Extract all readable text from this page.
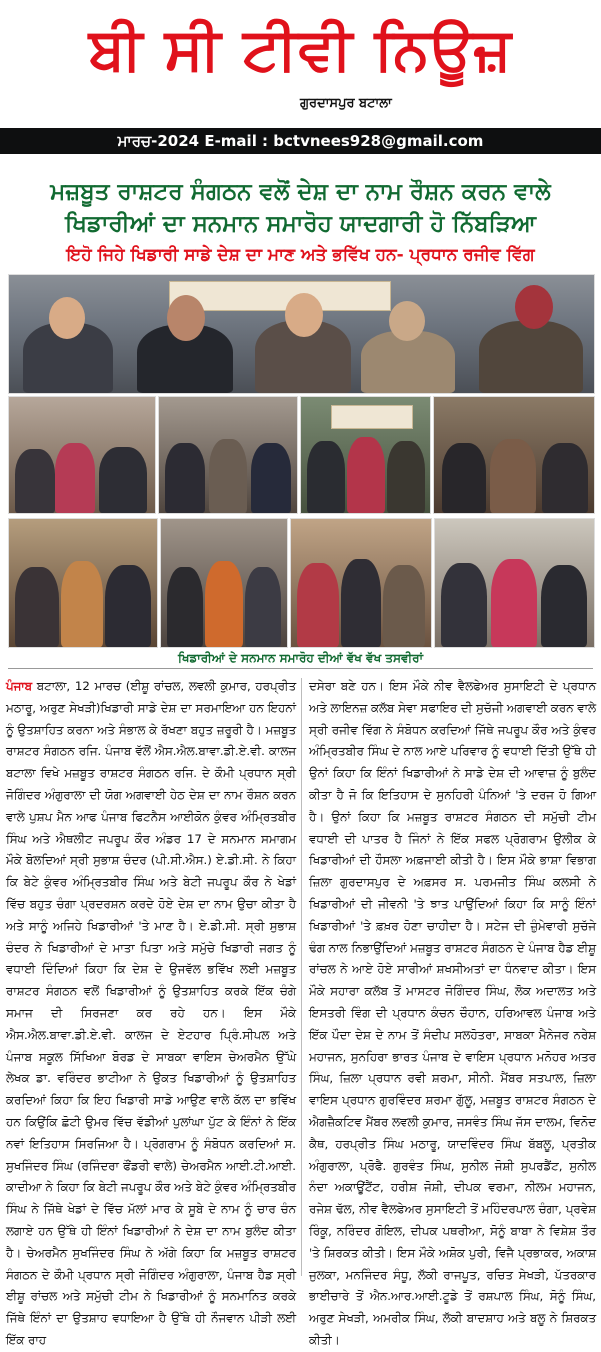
ਬੀ ਸੀ ਟੀਵੀ ਨਿਊਜ਼
ਗੁਰਦਾਸਪੁਰ ਬਟਾਲਾ
ਮਾਰਚ-2024 E-mail : bctvnees928@gmail.com
ਮਜ਼ਬੂਤ ਰਾਸ਼ਟਰ ਸੰਗਠਨ ਵਲੋਂ ਦੇਸ਼ ਦਾ ਨਾਮ ਰੌਸ਼ਨ ਕਰਨ ਵਾਲੇ
ਖਿਡਾਰੀਆਂ ਦਾ ਸਨਮਾਨ ਸਮਾਰੋਹ ਯਾਦਗਾਰੀ ਹੋ ਨਿੱਬੜਿਆ
ਇਹੋ ਜਿਹੇ ਖਿਡਾਰੀ ਸਾਡੇ ਦੇਸ਼ ਦਾ ਮਾਣ ਅਤੇ ਭਵਿੱਖ ਹਨ- ਪ੍ਰਧਾਨ ਰਜੀਵ ਵਿੱਗ
ਖਿਡਾਰੀਆਂ ਦੇ ਸਨਮਾਨ ਸਮਾਰੋਹ ਦੀਆਂ ਵੱਖ ਵੱਖ ਤਸਵੀਰਾਂ
ਪੰਜਾਬ ਬਟਾਲਾ, 12 ਮਾਰਚ (ਈਸ਼ੂ ਰਾਂਚਲ, ਲਵਲੀ ਕੁਮਾਰ, ਹਰਪ੍ਰੀਤ ਮਠਾਰੂ, ਅਰੁਣ ਸੇਖੜੀ)ਖਿਡਾਰੀ ਸਾਡੇ ਦੇਸ਼ ਦਾ ਸਰਮਾਇਆ ਹਨ ਇਹਨਾਂ ਨੂੰ ਉਤਸ਼ਾਹਿਤ ਕਰਨਾ ਅਤੇ ਸੰਭਾਲ ਕੇ ਰੱਖਣਾ ਬਹੁਤ ਜ਼ਰੂਰੀ ਹੈ। ਮਜ਼ਬੂਤ ਰਾਸ਼ਟਰ ਸੰਗਠਨ ਰਜਿ. ਪੰਜਾਬ ਵੱਲੋਂ ਐਸ.ਐਲ.ਬਾਵਾ.ਡੀ.ਏ.ਵੀ. ਕਾਲਜ ਬਟਾਲਾ ਵਿਖੇ ਮਜ਼ਬੂਤ ਰਾਸ਼ਟਰ ਸੰਗਠਨ ਰਜਿ. ਦੇ ਕੌਮੀ ਪ੍ਰਧਾਨ ਸ੍ਰੀ ਜੋਗਿੰਦਰ ਅੰਗੁਰਾਲਾ ਦੀ ਯੋਗ ਅਗਵਾਈ ਹੇਠ ਦੇਸ਼ ਦਾ ਨਾਮ ਰੌਸ਼ਨ ਕਰਨ ਵਾਲੇ ਪੁਸ਼ਪ ਮੈਨ ਆਫ ਪੰਜਾਬ ਫਿਟਨੈਸ ਆਈਕੋਨ ਕੁੰਵਰ ਅੰਮ੍ਰਿਤਬੀਰ ਸਿੰਘ ਅਤੇ ਐਥਲੀਟ ਜਪਰੂਪ ਕੌਰ ਅੰਡਰ 17 ਦੇ ਸਨਮਾਨ ਸਮਾਗਮ ਮੌਕੇ ਬੋਲਦਿਆਂ ਸ੍ਰੀ ਸੁਭਾਸ਼ ਚੰਦਰ (ਪੀ.ਸੀ.ਐਸ.) ਏ.ਡੀ.ਸੀ. ਨੇ ਕਿਹਾ ਕਿ ਬੇਟੇ ਕੁੰਵਰ ਅੰਮ੍ਰਿਤਬੀਰ ਸਿੰਘ ਅਤੇ ਬੇਟੀ ਜਪਰੂਪ ਕੌਰ ਨੇ ਖੇਡਾਂ ਵਿੱਚ ਬਹੁਤ ਚੰਗਾ ਪ੍ਰਦਰਸ਼ਨ ਕਰਦੇ ਹੋਏ ਦੇਸ਼ ਦਾ ਨਾਮ ਉਚਾ ਕੀਤਾ ਹੈ ਅਤੇ ਸਾਨੂੰ ਅਜਿਹੇ ਖਿਡਾਰੀਆਂ 'ਤੇ ਮਾਣ ਹੈ। ਏ.ਡੀ.ਸੀ. ਸ੍ਰੀ ਸੁਭਾਸ਼ ਚੰਦਰ ਨੇ ਖਿਡਾਰੀਆਂ ਦੇ ਮਾਤਾ ਪਿਤਾ ਅਤੇ ਸਮੁੱਚੇ ਖਿਡਾਰੀ ਜਗਤ ਨੂੰ ਵਧਾਈ ਦਿੰਦਿਆਂ ਕਿਹਾ ਕਿ ਦੇਸ਼ ਦੇ ਉਜਵੱਲ ਭਵਿੱਖ ਲਈ ਮਜ਼ਬੂਤ ਰਾਸ਼ਟਰ ਸੰਗਠਨ ਵਲੋਂ ਖਿਡਾਰੀਆਂ ਨੂੰ ਉਤਸ਼ਾਹਿਤ ਕਰਕੇ ਇੱਕ ਚੰਗੇ ਸਮਾਜ ਦੀ ਸਿਰਜਣਾ ਕਰ ਰਹੇ ਹਨ। ਇਸ ਮੌਕੇ ਐਸ.ਐਲ.ਬਾਵਾ.ਡੀ.ਏ.ਵੀ. ਕਾਲਜ ਦੇ ਏਟਹਾਰ ਪ੍ਰਿੰ.ਸੀਪਲ ਅਤੇ ਪੰਜਾਬ ਸਕੂਲ ਸਿੱਖਿਆ ਬੋਰਡ ਦੇ ਸਾਬਕਾ ਵਾਇਸ ਚੇਅਰਮੈਨ ਉੱਘੇ ਲੇਖਕ ਡਾ. ਵਰਿੰਦਰ ਭਾਟੀਆ ਨੇ ਉਕਤ ਖਿਡਾਰੀਆਂ ਨੂੰ ਉਤਸ਼ਾਹਿਤ ਕਰਦਿਆਂ ਕਿਹਾ ਕਿ ਇਹ ਖਿਡਾਰੀ ਸਾਡੇ ਆਉਣ ਵਾਲੇ ਕੱਲ ਦਾ ਭਵਿੱਖ ਹਨ ਕਿਉਂਕਿ ਛੋਟੀ ਉਮਰ ਵਿੱਚ ਵੱਡੀਆਂ ਪੁਲਾਂਘਾ ਪੁੱਟ ਕੇ ਇੰਨਾਂ ਨੇ ਇੱਕ ਨਵਾਂ ਇਤਿਹਾਸ ਸਿਰਜਿਆ ਹੈ। ਪ੍ਰੋਗਰਾਮ ਨੂੰ ਸੰਬੋਧਨ ਕਰਦਿਆਂ ਸ. ਸੁਖਜਿੰਦਰ ਸਿੰਘ (ਰਜਿੰਦਰਾ ਫੌਂਡਰੀ ਵਾਲੇ) ਚੇਅਰਮੈਨ ਆਈ.ਟੀ.ਆਈ. ਕਾਦੀਆ ਨੇ ਕਿਹਾ ਕਿ ਬੇਟੀ ਜਪਰੂਪ ਕੌਰ ਅਤੇ ਬੇਟੇ ਕੁੰਵਰ ਅੰਮ੍ਰਿਤਬੀਰ ਸਿੰਘ ਨੇ ਜਿੱਥੇ ਖੇਡਾਂ ਦੇ ਵਿੱਚ ਮੱਲਾਂ ਮਾਰ ਕੇ ਸੂਬੇ ਦੇ ਨਾਮ ਨੂੰ ਚਾਰ ਚੰਨ ਲਗਾਏ ਹਨ ਉੱਥੇ ਹੀ ਇੰਨਾਂ ਖਿਡਾਰੀਆਂ ਨੇ ਦੇਸ਼ ਦਾ ਨਾਮ ਬੁਲੰਦ ਕੀਤਾ ਹੈ। ਚੇਅਰਮੈਨ ਸੁਖਜਿੰਦਰ ਸਿੰਘ ਨੇ ਅੱਗੇ ਕਿਹਾ ਕਿ ਮਜ਼ਬੂਤ ਰਾਸ਼ਟਰ ਸੰਗਠਨ ਦੇ ਕੌਮੀ ਪ੍ਰਧਾਨ ਸ੍ਰੀ ਜੋਗਿੰਦਰ ਅੰਗੁਰਾਲਾ, ਪੰਜਾਬ ਹੈਡ ਸ੍ਰੀ ਈਸ਼ੂ ਰਾਂਚਲ ਅਤੇ ਸਮੁੱਚੀ ਟੀਮ ਨੇ ਖਿਡਾਰੀਆਂ ਨੂੰ ਸਨਮਾਨਿਤ ਕਰਕੇ ਜਿੱਥੇ ਇੰਨਾਂ ਦਾ ਉਤਸ਼ਾਹ ਵਧਾਇਆ ਹੈ ਉੱਥੇ ਹੀ ਨੌਜਵਾਨ ਪੀੜੀ ਲਈ ਇੱਕ ਰਾਹ
ਦਸੇਰਾ ਬਣੇ ਹਨ। ਇਸ ਮੌਕੇ ਨੀਵ ਵੈਲਫੇਅਰ ਸੁਸਾਇਟੀ ਦੇ ਪ੍ਰਧਾਨ ਅਤੇ ਲਾਇਨਜ਼ ਕਲੱਬ ਸੇਵਾ ਸਫਾਇਰ ਦੀ ਸੁਚੱਜੀ ਅਗਵਾਈ ਕਰਨ ਵਾਲੇ ਸ੍ਰੀ ਰਜੀਵ ਵਿੱਗ ਨੇ ਸੰਬੋਧਨ ਕਰਦਿਆਂ ਜਿੱਥੇ ਜਪਰੂਪ ਕੌਰ ਅਤੇ ਕੁੰਵਰ ਅੰਮ੍ਰਿਤਬੀਰ ਸਿੰਘ ਦੇ ਨਾਲ ਆਏ ਪਰਿਵਾਰ ਨੂੰ ਵਧਾਈ ਦਿੱਤੀ ਉੱਥੇ ਹੀ ਉਨਾਂ ਕਿਹਾ ਕਿ ਇੰਨਾਂ ਖਿਡਾਰੀਆਂ ਨੇ ਸਾਡੇ ਦੇਸ਼ ਦੀ ਆਵਾਜ਼ ਨੂੰ ਬੁਲੰਦ ਕੀਤਾ ਹੈ ਜੋ ਕਿ ਇਤਿਹਾਸ ਦੇ ਸੁਨਹਿਰੀ ਪੰਨਿਆਂ 'ਤੇ ਦਰਜ ਹੋ ਗਿਆ ਹੈ। ਉਨਾਂ ਕਿਹਾ ਕਿ ਮਜ਼ਬੂਤ ਰਾਸ਼ਟਰ ਸੰਗਠਨ ਦੀ ਸਮੁੱਚੀ ਟੀਮ ਵਧਾਈ ਦੀ ਪਾਤਰ ਹੈ ਜਿੰਨਾਂ ਨੇ ਇੱਕ ਸਫਲ ਪ੍ਰੋਗਰਾਮ ਉਲੀਕ ਕੇ ਖਿਡਾਰੀਆਂ ਦੀ ਹੌਸਲਾ ਅਫ਼ਜਾਈ ਕੀਤੀ ਹੈ। ਇਸ ਮੌਕੇ ਭਾਸ਼ਾ ਵਿਭਾਗ ਜ਼ਿਲਾ ਗੁਰਦਾਸਪੁਰ ਦੇ ਅਫ਼ਸਰ ਸ. ਪਰਮਜੀਤ ਸਿੰਘ ਕਲਸੀ ਨੇ ਖਿਡਾਰੀਆਂ ਦੀ ਜੀਵਨੀ 'ਤੇ ਝਾਤ ਪਾਉਂਦਿਆਂ ਕਿਹਾ ਕਿ ਸਾਨੂੰ ਇੰਨਾਂ ਖਿਡਾਰੀਆਂ 'ਤੇ ਫ਼ਖ਼ਰ ਹੋਣਾ ਚਾਹੀਦਾ ਹੈ। ਸਟੇਜ ਦੀ ਜ਼ੁੰਮੇਵਾਰੀ ਸੁਚੱਜੇ ਢੰਗ ਨਾਲ ਨਿਭਾਉਂਦਿਆਂ ਮਜ਼ਬੂਤ ਰਾਸ਼ਟਰ ਸੰਗਠਨ ਦੇ ਪੰਜਾਬ ਹੈਡ ਈਸ਼ੂ ਰਾਂਚਲ ਨੇ ਆਏ ਹੋਏ ਸਾਰੀਆਂ ਸ਼ਖਸੀਅਤਾਂ ਦਾ ਧੰਨਵਾਦ ਕੀਤਾ। ਇਸ ਮੌਕੇ ਸਹਾਰਾ ਕਲੱਬ ਤੋਂ ਮਾਸਟਰ ਜੋਗਿੰਦਰ ਸਿੰਘ, ਲੋਕ ਅਦਾਲਤ ਅਤੇ ਇਸਤਰੀ ਵਿੰਗ ਦੀ ਪ੍ਰਧਾਨ ਕੰਚਨ ਚੌਹਾਨ, ਹਰਿਆਵਲ ਪੰਜਾਬ ਅਤੇ ਇੱਕ ਪੌਦਾ ਦੇਸ਼ ਦੇ ਨਾਮ ਤੋਂ ਸੰਦੀਪ ਸਲਹੋਤਰਾ, ਸਾਬਕਾ ਮੈਨੇਜਰ ਨਰੇਸ਼ ਮਹਾਜਨ, ਸੁਨਹਿਰਾ ਭਾਰਤ ਪੰਜਾਬ ਦੇ ਵਾਇਸ ਪ੍ਰਧਾਨ ਮਨੋਹਰ ਅਤਰ ਸਿੰਘ, ਜ਼ਿਲਾ ਪ੍ਰਧਾਨ ਰਵੀ ਸ਼ਰਮਾ, ਸੀਨੀ. ਮੈਂਬਰ ਸਤਪਾਲ, ਜ਼ਿਲਾ ਵਾਇਸ ਪ੍ਰਧਾਨ ਗੁਰਵਿੰਦਰ ਸ਼ਰਮਾ ਗੁੱਲੂ, ਮਜ਼ਬੂਤ ਰਾਸ਼ਟਰ ਸੰਗਠਨ ਦੇ ਐਗਜ਼ੈਕਟਿਵ ਮੈਂਬਰ ਲਵਲੀ ਕੁਮਾਰ, ਜਸਵੰਤ ਸਿੰਘ ਜੱਸ ਦਾਲਮ, ਵਿਨੋਦ ਕੈਥ, ਹਰਪ੍ਰੀਤ ਸਿੰਘ ਮਠਾਰੂ, ਯਾਦਵਿੰਦਰ ਸਿੰਘ ਬੱਬਲੂ, ਪ੍ਰਤੀਕ ਅੰਗੁਰਾਲਾ, ਪ੍ਰੋਫੈ. ਗੁਰਵੰਤ ਸਿੰਘ, ਸੁਨੀਲ ਜੋਸ਼ੀ ਸੁਪਰਡੈਂਟ, ਸੁਨੀਲ ਨੰਦਾ ਅਕਾਊਂਟੈਂਟ, ਹਰੀਸ਼ ਜੋਸ਼ੀ, ਦੀਪਕ ਵਰਮਾ, ਨੀਲਮ ਮਹਾਜਨ, ਰਜੇਸ਼ ਢੱਲ, ਨੀਵ ਵੈਲਫੇਅਰ ਸੁਸਾਇਟੀ ਤੋਂ ਮਹਿੰਦਰਪਾਲ ਚੰਗਾ, ਪ੍ਰਵੇਸ਼ ਰਿੰਕੂ, ਨਰਿੰਦਰ ਗੋਇਲ, ਦੀਪਕ ਪਥਰੀਆ, ਸੋਨੂੰ ਬਾਬਾ ਨੇ ਵਿਸ਼ੇਸ਼ ਤੌਰ 'ਤੇ ਸ਼ਿਰਕਤ ਕੀਤੀ। ਇਸ ਮੌਕੇ ਅਸ਼ੋਕ ਪੁਰੀ, ਵਿਜੈ ਪ੍ਰਭਾਕਰ, ਅਕਾਸ਼ ਜੁਲਕਾ, ਮਨਜਿੰਦਰ ਸੰਧੂ, ਲੱਕੀ ਰਾਜਪੂਤ, ਰਚਿਤ ਸੇਖੜੀ, ਪੱਤਰਕਾਰ ਭਾਈਚਾਰੇ ਤੋਂ ਐਨ.ਆਰ.ਆਈ.ਟੂਡੇ ਤੋਂ ਰਸ਼ਪਾਲ ਸਿੰਘ, ਸੋਨੂੰ ਸਿੰਘ, ਅਰੁਣ ਸੇਖੜੀ, ਅਮਰੀਕ ਸਿੰਘ, ਲੱਕੀ ਬਾਦਸ਼ਾਹ ਅਤੇ ਬਲੂ ਨੇ ਸ਼ਿਰਕਤ ਕੀਤੀ।
